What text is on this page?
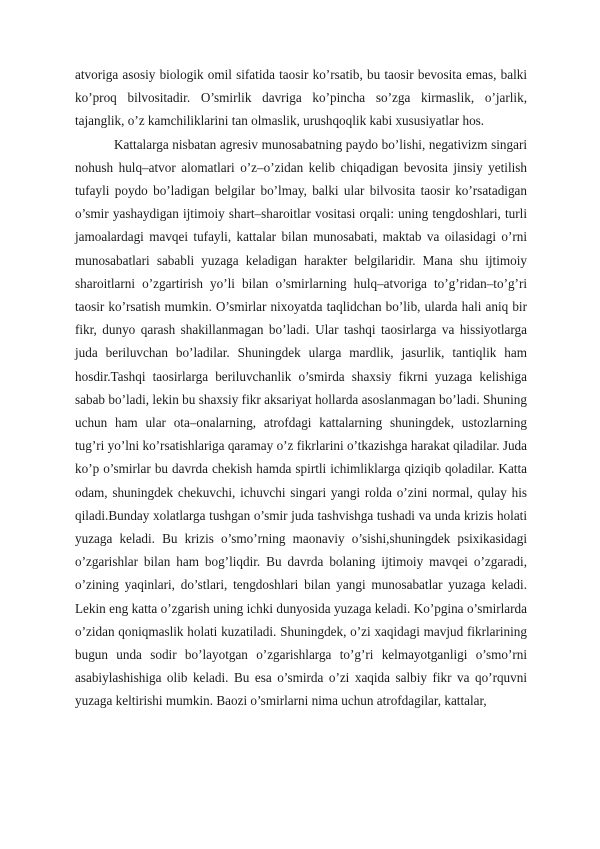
atvoriga asosiy biologik omil sifatida taosir ko’rsatib, bu taosir bevosita emas, balki ko’proq bilvositadir. O’smirlik davriga ko’pincha so’zga kirmaslik, o’jarlik, tajanglik, o’z kamchiliklarini tan olmaslik, urushqoqlik kabi xususiyatlar hos.

Kattalarga nisbatan agresiv munosabatning paydo bo’lishi, negativizm singari nohush hulq–atvor alomatlari o’z–o’zidan kelib chiqadigan bevosita jinsiy yetilish tufayli poydo bo’ladigan belgilar bo’lmay, balki ular bilvosita taosir ko’rsatadigan o’smir yashaydigan ijtimoiy shart–sharoitlar vositasi orqali: uning tengdoshlari, turli jamoalardagi mavqei tufayli, kattalar bilan munosabati, maktab va oilasidagi o’rni munosabatlari sababli yuzaga keladigan harakter belgilaridir. Mana shu ijtimoiy sharoitlarni o’zgartirish yo’li bilan o’smirlarning hulq–atvoriga to’g’ridan–to’g’ri taosir ko’rsatish mumkin. O’smirlar nixoyatda taqlidchan bo’lib, ularda hali aniq bir fikr, dunyo qarash shakillanmagan bo’ladi. Ular tashqi taosirlarga va hissiyotlarga juda beriluvchan bo’ladilar. Shuningdek ularga mardlik, jasurlik, tantiqlik ham hosdir.Tashqi taosirlarga beriluvchanlik o’smirda shaxsiy fikrni yuzaga kelishiga sabab bo’ladi, lekin bu shaxsiy fikr aksariyat hollarda asoslanmagan bo’ladi. Shuning uchun ham ular ota–onalarning, atrofdagi kattalarning shuningdek, ustozlarning tug’ri yo’lni ko’rsatishlariga qaramay o’z fikrlarini o’tkazishga harakat qiladilar. Juda ko’p o’smirlar bu davrda chekish hamda spirtli ichimliklarga qiziqib qoladilar. Katta odam, shuningdek chekuvchi, ichuvchi singari yangi rolda o’zini normal, qulay his qiladi.Bunday xolatlarga tushgan o’smir juda tashvishga tushadi va unda krizis holati yuzaga keladi. Bu krizis o’smo’rning maonaviy o’sishi,shuningdek psixikasidagi o’zgarishlar bilan ham bog’liqdir. Bu davrda bolaning ijtimoiy mavqei o’zgaradi, o’zining yaqinlari, do’stlari, tengdoshlari bilan yangi munosabatlar yuzaga keladi. Lekin eng katta o’zgarish uning ichki dunyosida yuzaga keladi. Ko’pgina o’smirlarda o’zidan qoniqmaslik holati kuzatiladi. Shuningdek, o’zi xaqidagi mavjud fikrlarining bugun unda sodir bo’layotgan o’zgarishlarga to’g’ri kelmayotganligi o’smo’rni asabiylashishiga olib keladi. Bu esa o’smirda o’zi xaqida salbiy fikr va qo’rquvni yuzaga keltirishi mumkin. Baozi o’smirlarni nima uchun atrofdagilar, kattalar,
